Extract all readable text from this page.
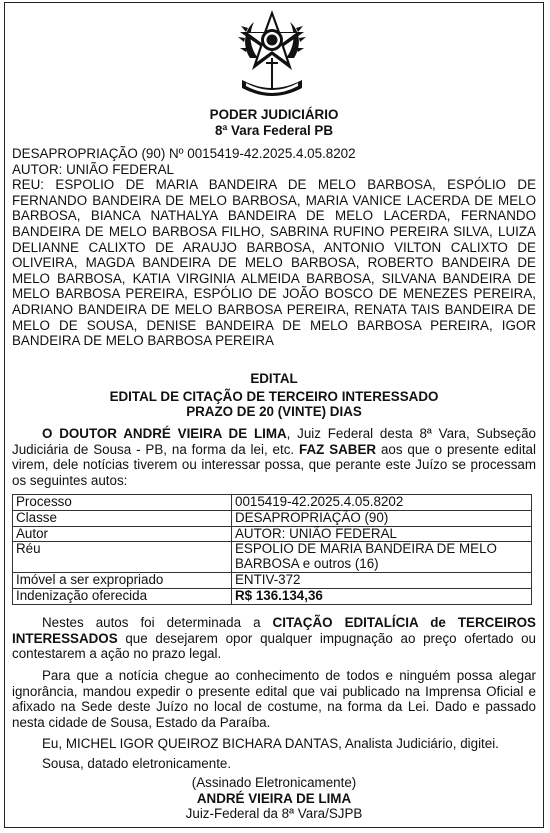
PODER JUDICIÁRIO
8ª Vara Federal PB

DESAPROPRIAÇÃO (90) Nº 0015419-42.2025.4.05.8202

AUTOR: UNIÃO FEDERAL

REU: ESPOLIO DE MARIA BANDEIRA DE MELO BARBOSA, ESPÓLIO DE FERNANDO BANDEIRA DE MELO BARBOSA, MARIA VANICE LACERDA DE MELO BARBOSA, BIANCA NATHALYA BANDEIRA DE MELO LACERDA, FERNANDO BANDEIRA DE MELO BARBOSA FILHO, SABRINA RUFINO PEREIRA SILVA, LUIZA DELIANNE CALIXTO DE ARAUJO BARBOSA, ANTONIO VILTON CALIXTO DE OLIVEIRA, MAGDA BANDEIRA DE MELO BARBOSA, ROBERTO BANDEIRA DE MELO BARBOSA, KATIA VIRGINIA ALMEIDA BARBOSA, SILVANA BANDEIRA DE MELO BARBOSA PEREIRA, ESPÓLIO DE JOÃO BOSCO DE MENEZES PEREIRA, ADRIANO BANDEIRA DE MELO BARBOSA PEREIRA, RENATA TAIS BANDEIRA DE MELO DE SOUSA, DENISE BANDEIRA DE MELO BARBOSA PEREIRA, IGOR BANDEIRA DE MELO BARBOSA PEREIRA

EDITAL
EDITAL DE CITAÇÃO DE TERCEIRO INTERESSADO
PRAZO DE 20 (VINTE) DIAS

O DOUTOR ANDRÉ VIEIRA DE LIMA, Juiz Federal desta 8ª Vara, Subseção Judiciária de Sousa - PB, na forma da lei, etc. FAZ SABER aos que o presente edital virem, dele notícias tiverem ou interessar possa, que perante este Juízo se processam os seguintes autos:

Processo	0015419-42.2025.4.05.8202
Classe	DESAPROPRIAÇÃO (90)
Autor	AUTOR: UNIÃO FEDERAL
Réu	ESPOLIO DE MARIA BANDEIRA DE MELO BARBOSA e outros (16)
Imóvel a ser expropriado	ENTIV-372
Indenização oferecida	R$ 136.134,36

Nestes autos foi determinada a CITAÇÃO EDITALÍCIA de TERCEIROS INTERESSADOS que desejarem opor qualquer impugnação ao preço ofertado ou contestarem a ação no prazo legal.

Para que a notícia chegue ao conhecimento de todos e ninguém possa alegar ignorância, mandou expedir o presente edital que vai publicado na Imprensa Oficial e afixado na Sede deste Juízo no local de costume, na forma da Lei. Dado e passado nesta cidade de Sousa, Estado da Paraíba.

Eu, MICHEL IGOR QUEIROZ BICHARA DANTAS, Analista Judiciário, digitei.

Sousa, datado eletronicamente.

(Assinado Eletronicamente)
ANDRÉ VIEIRA DE LIMA
Juiz-Federal da 8ª Vara/SJPB
